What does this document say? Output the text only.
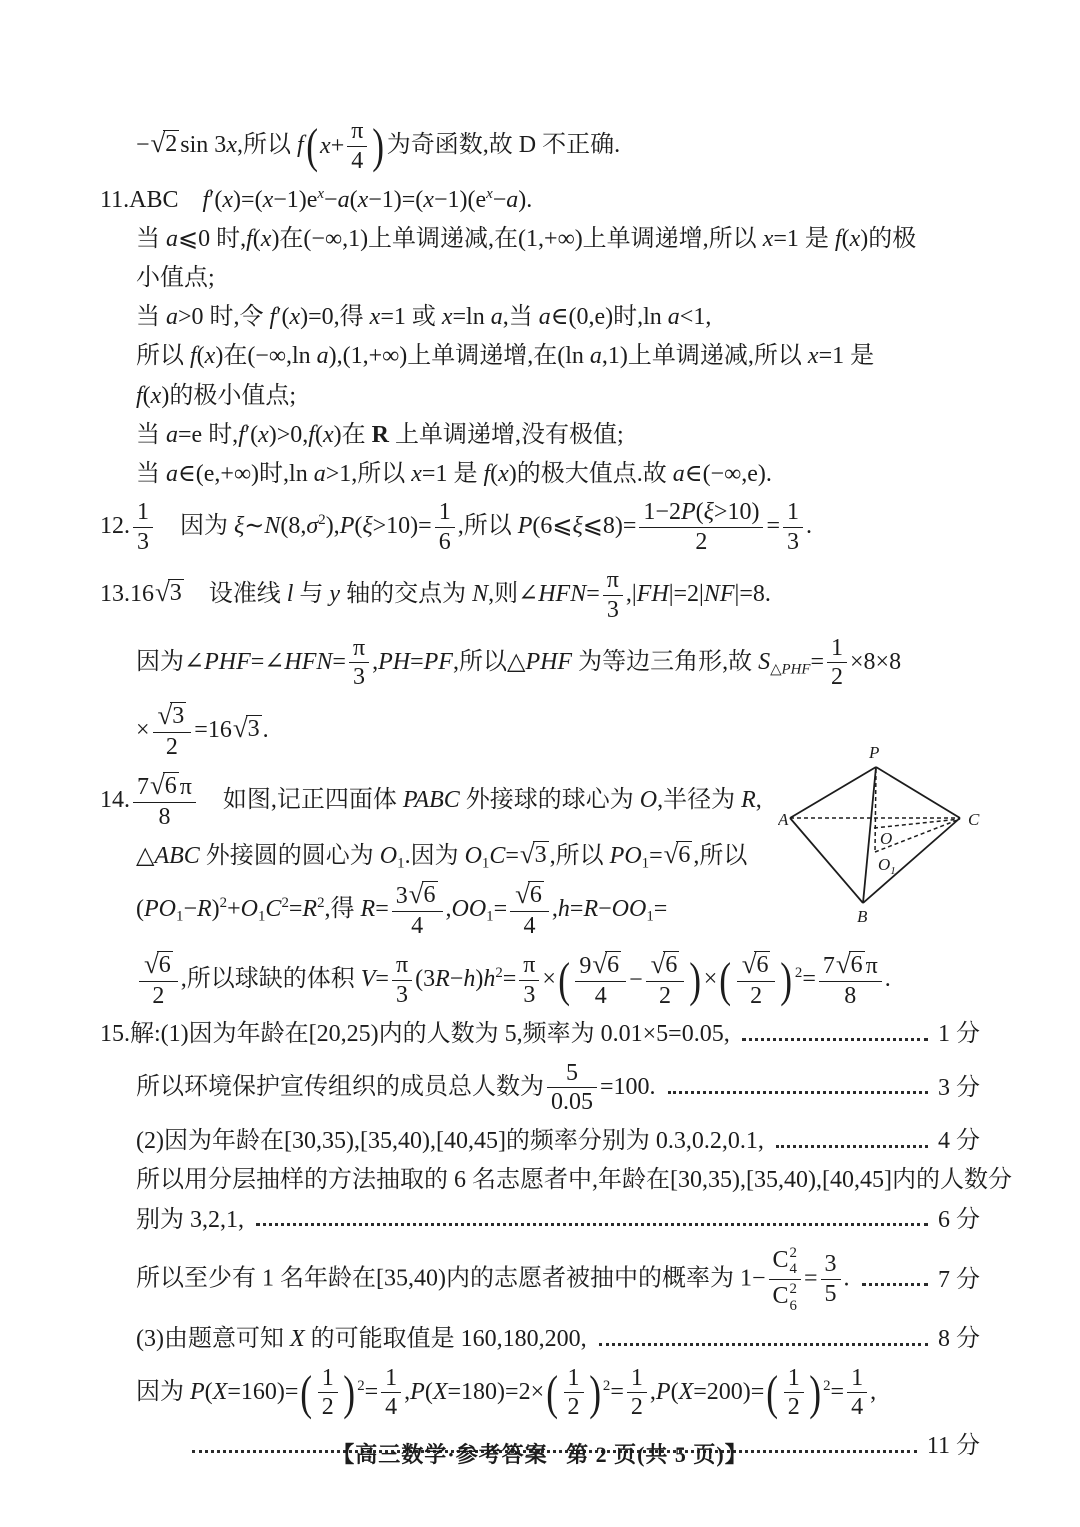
− √ 2 sin 3x,所以 f ( $x + \frac{\pi}{4}$ ) 为奇函数,故 D 不正确.
11.ABC  $f'(x)=(x-1)e^x-a(x-1)=(x-1)(e^x-a)$.
当 a⩽0 时,f(x)在(−∞,1)上单调递减,在(1,+∞)上单调递增,所以 x=1 是 f(x)的极
小值点;
当 a>0 时,令 f′(x)=0,得 x=1 或 x=ln a,当 a∈(0,e)时,ln a<1,
所以 f(x)在(−∞,ln a),(1,+∞)上单调递增,在(ln a,1)上单调递减,所以 x=1 是
f(x)的极小值点;
当 a=e 时,f′(x)>0,f(x)在 R 上单调递增,没有极值;
当 a∈(e,+∞)时,ln a>1,所以 x=1 是 f(x)的极大值点.故 a∈(−∞,e).
12. $\frac{1}{3}$   因为 $\xi\sim N(8,\sigma^2),P(\xi>10)= \frac{1}{6}$ ,所以 P(6⩽ξ⩽8)= $\frac{1-2P(\xi>10)}{2} = \frac{1}{3}$ .
13.16 √ 3   设准线 l 与 y 轴的交点为 N,则∠HFN= $\frac{\pi}{3} ,|FH|=2|NF|=8$.
因为∠PHF=∠HFN= $\frac{\pi}{3} ,PH=PF$,所以△PHF 为等边三角形,故 $S_{\triangle PHF}= \frac{1}{2} \times 8\times 8$
× $\frac{√ 3}{2} =16$ √ 3 .
14. $\frac{7 √ 6 \pi}{8}$   如图,记正四面体 PABC 外接球的球心为 O,半径为 R,
△ABC 外接圆的圆心为 $O_1$.因为 $O_1C=$ √ 3 ,所以 $PO_1=$ √ 6 ,所以
$(PO_1-R)^2+O_1C^2=R^2$,得 $R= \frac{3 √ 6}{4} ,OO_1= \frac{√ 6}{4} ,h=R-OO_1=$
$\frac{√ 6}{2}$ ,所以球缺的体积 $V= \frac{\pi}{3} (3R-h)h^2= \frac{\pi}{3}$ × ( $\frac{9 √ 6}{4} - \frac{√ 6}{2}$ ) × ( $\frac{√ 6}{2}$ ) $^2= \frac{7 √ 6 \pi}{8}$ .
15.解:(1)因为年龄在[20,25)内的人数为 5,频率为 0.01×5=0.05,	1 分
所以环境保护宣传组织的成员总人数为 $\frac{5}{0.05} =100$.	3 分
(2)因为年龄在[30,35),[35,40),[40,45]的频率分别为 0.3,0.2,0.1,	4 分
所以用分层抽样的方法抽取的 6 名志愿者中,年龄在[30,35),[35,40),[40,45]内的人数分
别为 3,2,1,	6 分
所以至少有 1 名年龄在[35,40)内的志愿者被抽中的概率为 1− C 2
4
C 2
$6 = \frac{3}{5}$ .	7 分
(3)由题意可知 X 的可能取值是 160,180,200,	8 分
因为 P(X=160)= ( $\frac{1}{2}$ ) $^2= \frac{1}{4} ,P(X=180)=2\times$ ( $\frac{1}{2}$ ) $^2= \frac{1}{2} ,P(X=200)=$ ( $\frac{1}{2}$ ) $^2= \frac{1}{4}$ ,
11 分
P
A	C
B
O
$O_1$
【高三数学·参考答案  第 2 页(共 5 页)】
